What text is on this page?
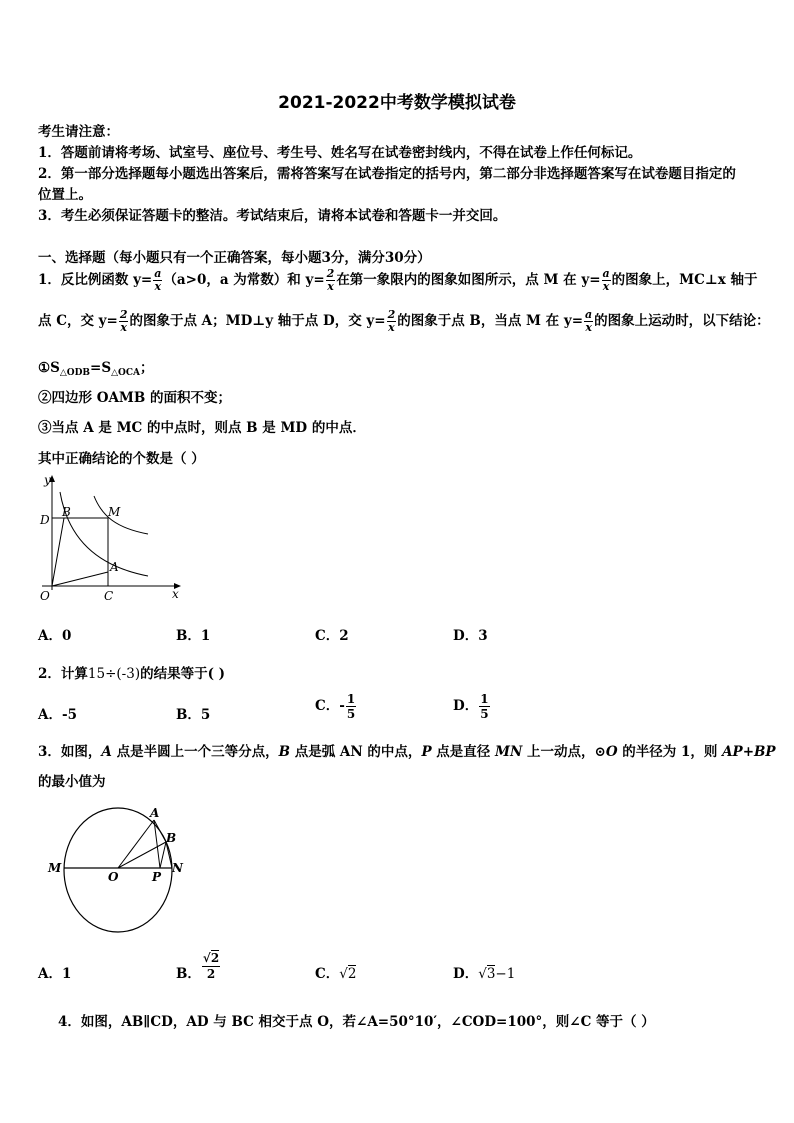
2021-2022中考数学模拟试卷
考生请注意：
1．答题前请将考场、试室号、座位号、考生号、姓名写在试卷密封线内，不得在试卷上作任何标记。
2．第一部分选择题每小题选出答案后，需将答案写在试卷指定的括号内，第二部分非选择题答案写在试卷题目指定的
位置上。
3．考生必须保证答题卡的整洁。考试结束后，请将本试卷和答题卡一并交回。
一、选择题（每小题只有一个正确答案，每小题3分，满分30分）
1．反比例函数 $y= \frac{a}{x} (a>0$，a 为常数）和 $y= \frac{2}{x}$ 在第一象限内的图象如图所示，点 M 在 $y= \frac{a}{x}$ 的图象上，MC⊥x 轴于
点 C，交 $y= \frac{2}{x}$ 的图象于点 A；MD⊥y 轴于点 D，交 $y= \frac{2}{x}$ 的图象于点 B，当点 M 在 $y= \frac{a}{x}$ 的图象上运动时，以下结论：
$①S_{\triangle ODB}=S_{\triangle OCA}$；
②四边形 OAMB 的面积不变；
③当点 A 是 MC 的中点时，则点 B 是 MD 的中点．
其中正确结论的个数是（ ）
y
x
O	C
A
D
B	M
A．0	B．1	C．2	D．3
2．计算15÷(-3)的结果等于( )
A．-5	B．5
C．- $\frac{1}{5}$	D． $\frac{1}{5}$
3．如图，A 点是半圆上一个三等分点，B 点是弧 AN 的中点，P 点是直径 MN 上一动点，⊙O 的半径为 1，则 AP+BP
的最小值为
M
O	P
N
A
B
A．1	B． $\frac{√2}{2}$	C．√2	D．√3−1
4．如图，AB∥CD，AD 与 BC 相交于点 O，若∠A=50°10′，∠COD=100°，则∠C 等于（ ）
